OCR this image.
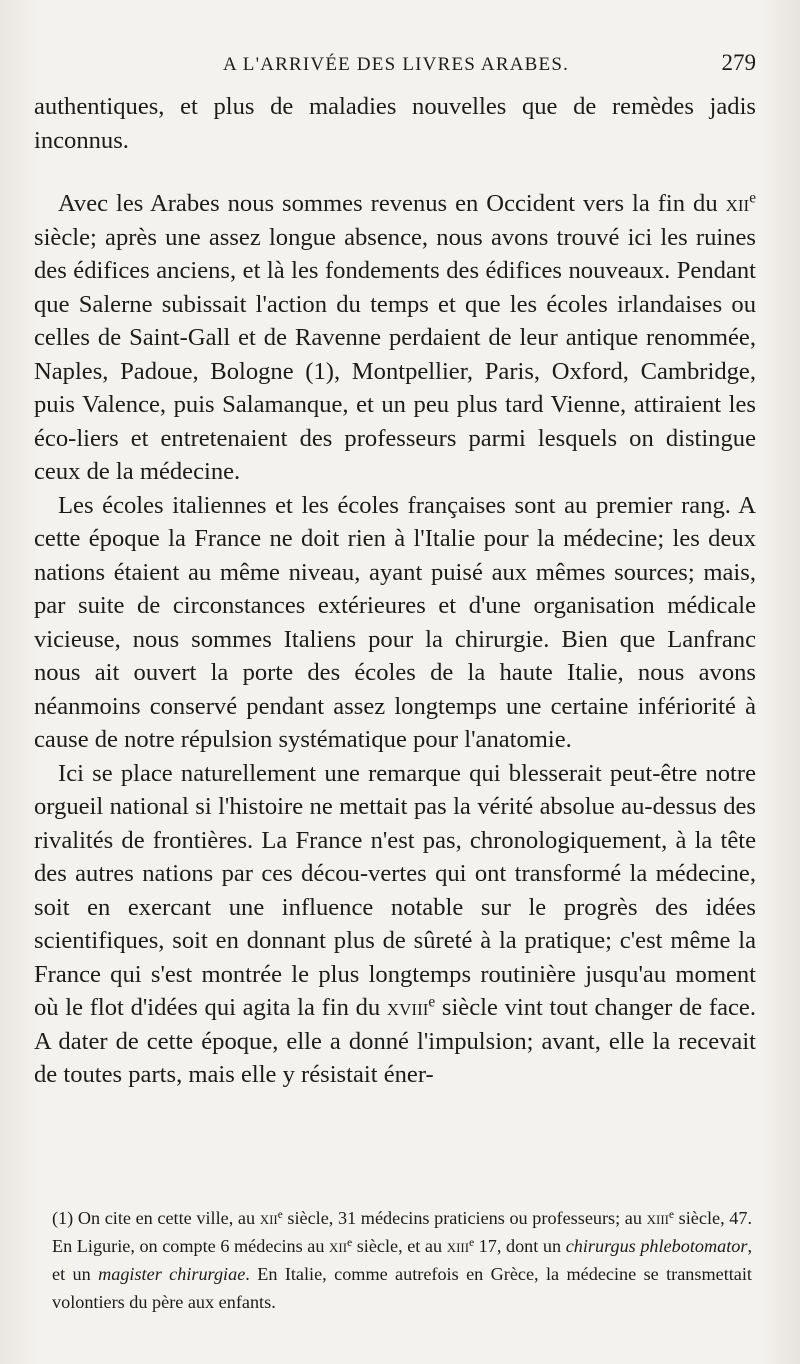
A L'ARRIVÉE DES LIVRES ARABES.	279

authentiques, et plus de maladies nouvelles que de remèdes jadis inconnus.

Avec les Arabes nous sommes revenus en Occident vers la fin du xii$^e$ siècle; après une assez longue absence, nous avons trouvé ici les ruines des édifices anciens, et là les fondements des édifices nouveaux. Pendant que Salerne subissait l'action du temps et que les écoles irlandaises ou celles de Saint-Gall et de Ravenne perdaient de leur antique renommée, Naples, Padoue, Bologne (1), Montpellier, Paris, Oxford, Cambridge, puis Valence, puis Salamanque, et un peu plus tard Vienne, attiraient les éco-liers et entretenaient des professeurs parmi lesquels on distingue ceux de la médecine.

Les écoles italiennes et les écoles françaises sont au premier rang. A cette époque la France ne doit rien à l'Italie pour la médecine; les deux nations étaient au même niveau, ayant puisé aux mêmes sources; mais, par suite de circonstances extérieures et d'une organisation médicale vicieuse, nous sommes Italiens pour la chirurgie. Bien que Lanfranc nous ait ouvert la porte des écoles de la haute Italie, nous avons néanmoins conservé pendant assez longtemps une certaine infériorité à cause de notre répulsion systématique pour l'anatomie.

Ici se place naturellement une remarque qui blesserait peut-être notre orgueil national si l'histoire ne mettait pas la vérité absolue au-dessus des rivalités de frontières. La France n'est pas, chronologiquement, à la tête des autres nations par ces décou-vertes qui ont transformé la médecine, soit en exercant une influence notable sur le progrès des idées scientifiques, soit en donnant plus de sûreté à la pratique; c'est même la France qui s'est montrée le plus longtemps routinière jusqu'au moment où le flot d'idées qui agita la fin du xviii$^e$ siècle vint tout changer de face. A dater de cette époque, elle a donné l'impulsion; avant, elle la recevait de toutes parts, mais elle y résistait éner-

(1) On cite en cette ville, au xii$^e$ siècle, 31 médecins praticiens ou professeurs; au xiii$^e$ siècle, 47. En Ligurie, on compte 6 médecins au xii$^e$ siècle, et au xiii$^e$ 17, dont un chirurgus phlebotomator, et un magister chirurgiae. En Italie, comme autrefois en Grèce, la médecine se transmettait volontiers du père aux enfants.
